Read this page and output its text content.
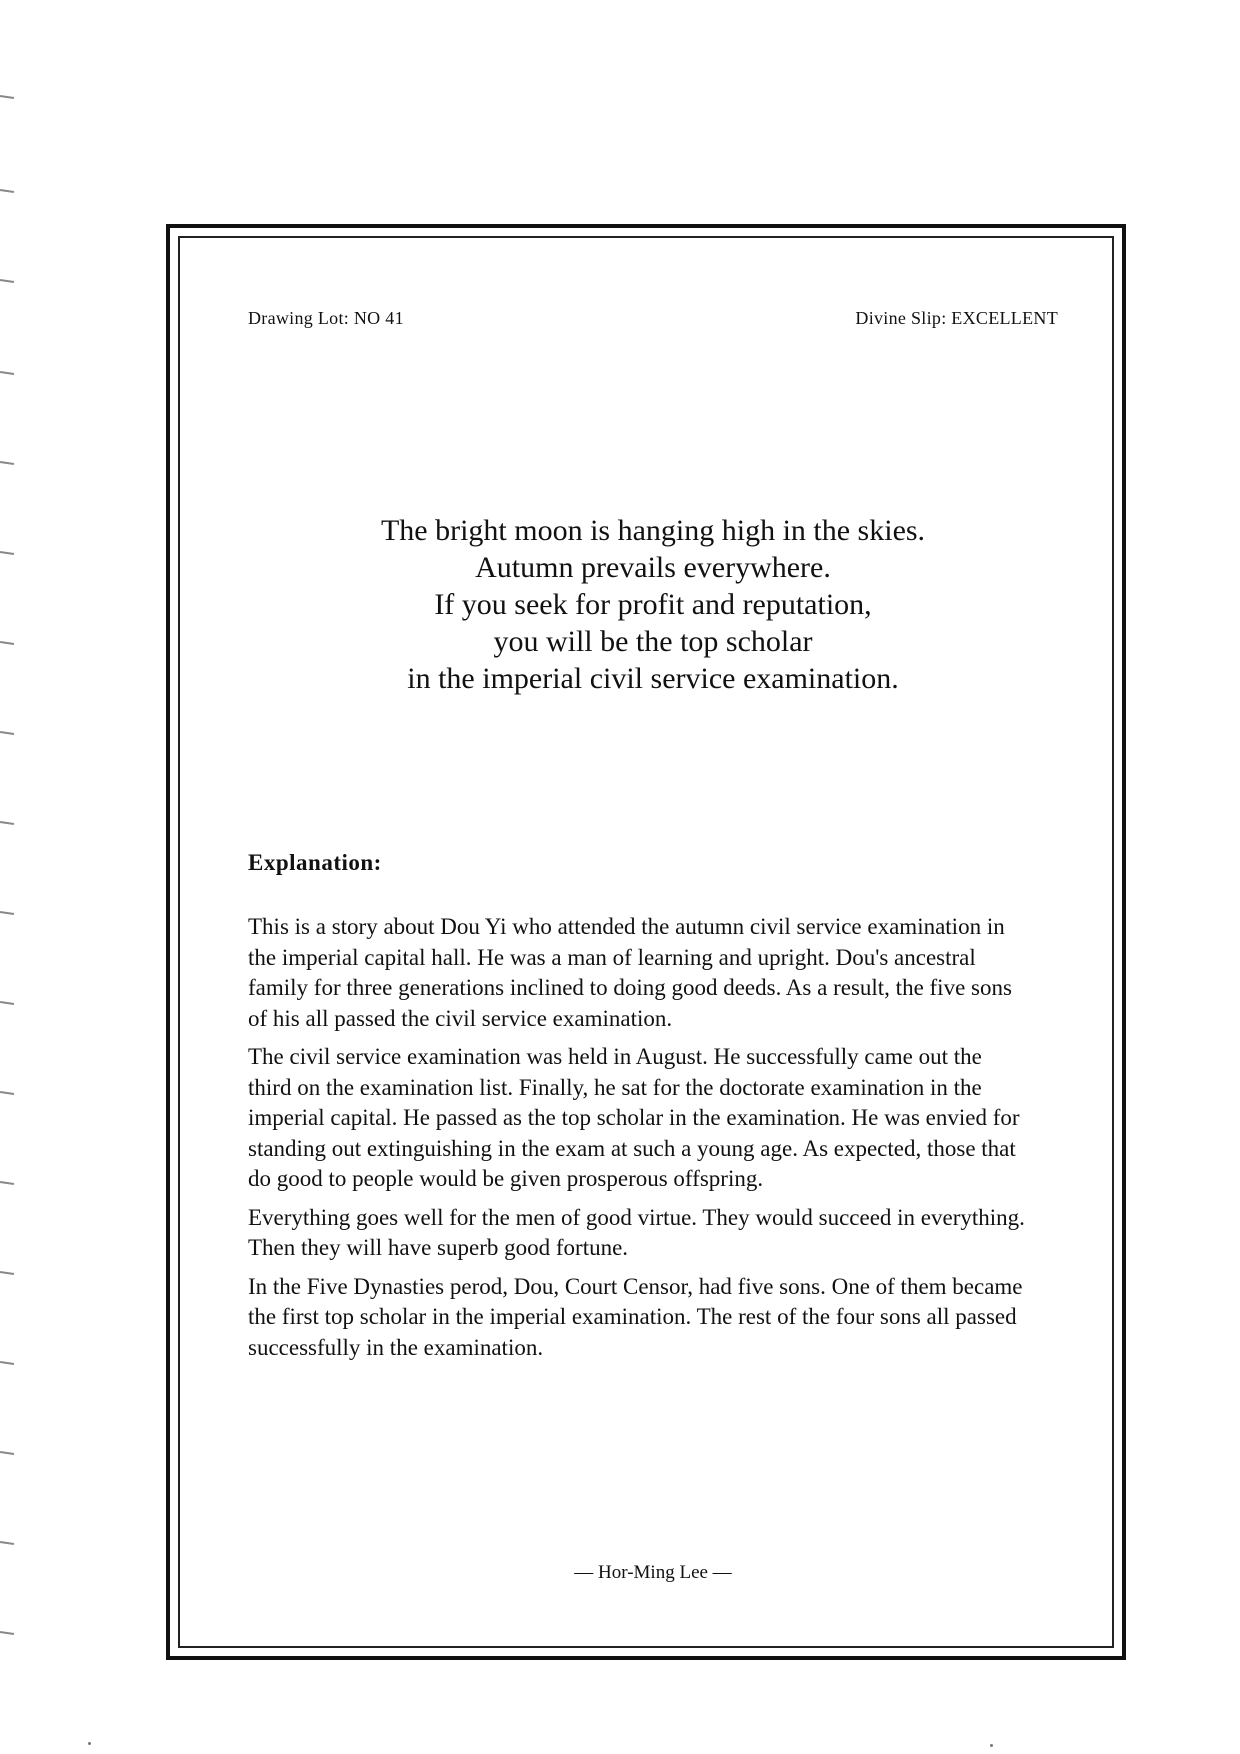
Drawing Lot: NO 41	Divine Slip: EXCELLENT
The bright moon is hanging high in the skies.
Autumn prevails everywhere.
If you seek for profit and reputation,
you will be the top scholar
in the imperial civil service examination.
Explanation:

This is a story about Dou Yi who attended the autumn civil service examination in the imperial capital hall. He was a man of learning and upright. Dou's ancestral family for three generations inclined to doing good deeds. As a result, the five sons of his all passed the civil service examination.

The civil service examination was held in August. He successfully came out the third on the examination list. Finally, he sat for the doctorate examination in the imperial capital. He passed as the top scholar in the examination. He was envied for standing out extinguishing in the exam at such a young age. As expected, those that do good to people would be given prosperous offspring.

Everything goes well for the men of good virtue. They would succeed in everything. Then they will have superb good fortune.

In the Five Dynasties perod, Dou, Court Censor, had five sons. One of them became the first top scholar in the imperial examination. The rest of the four sons all passed successfully in the examination.

— Hor-Ming Lee —
